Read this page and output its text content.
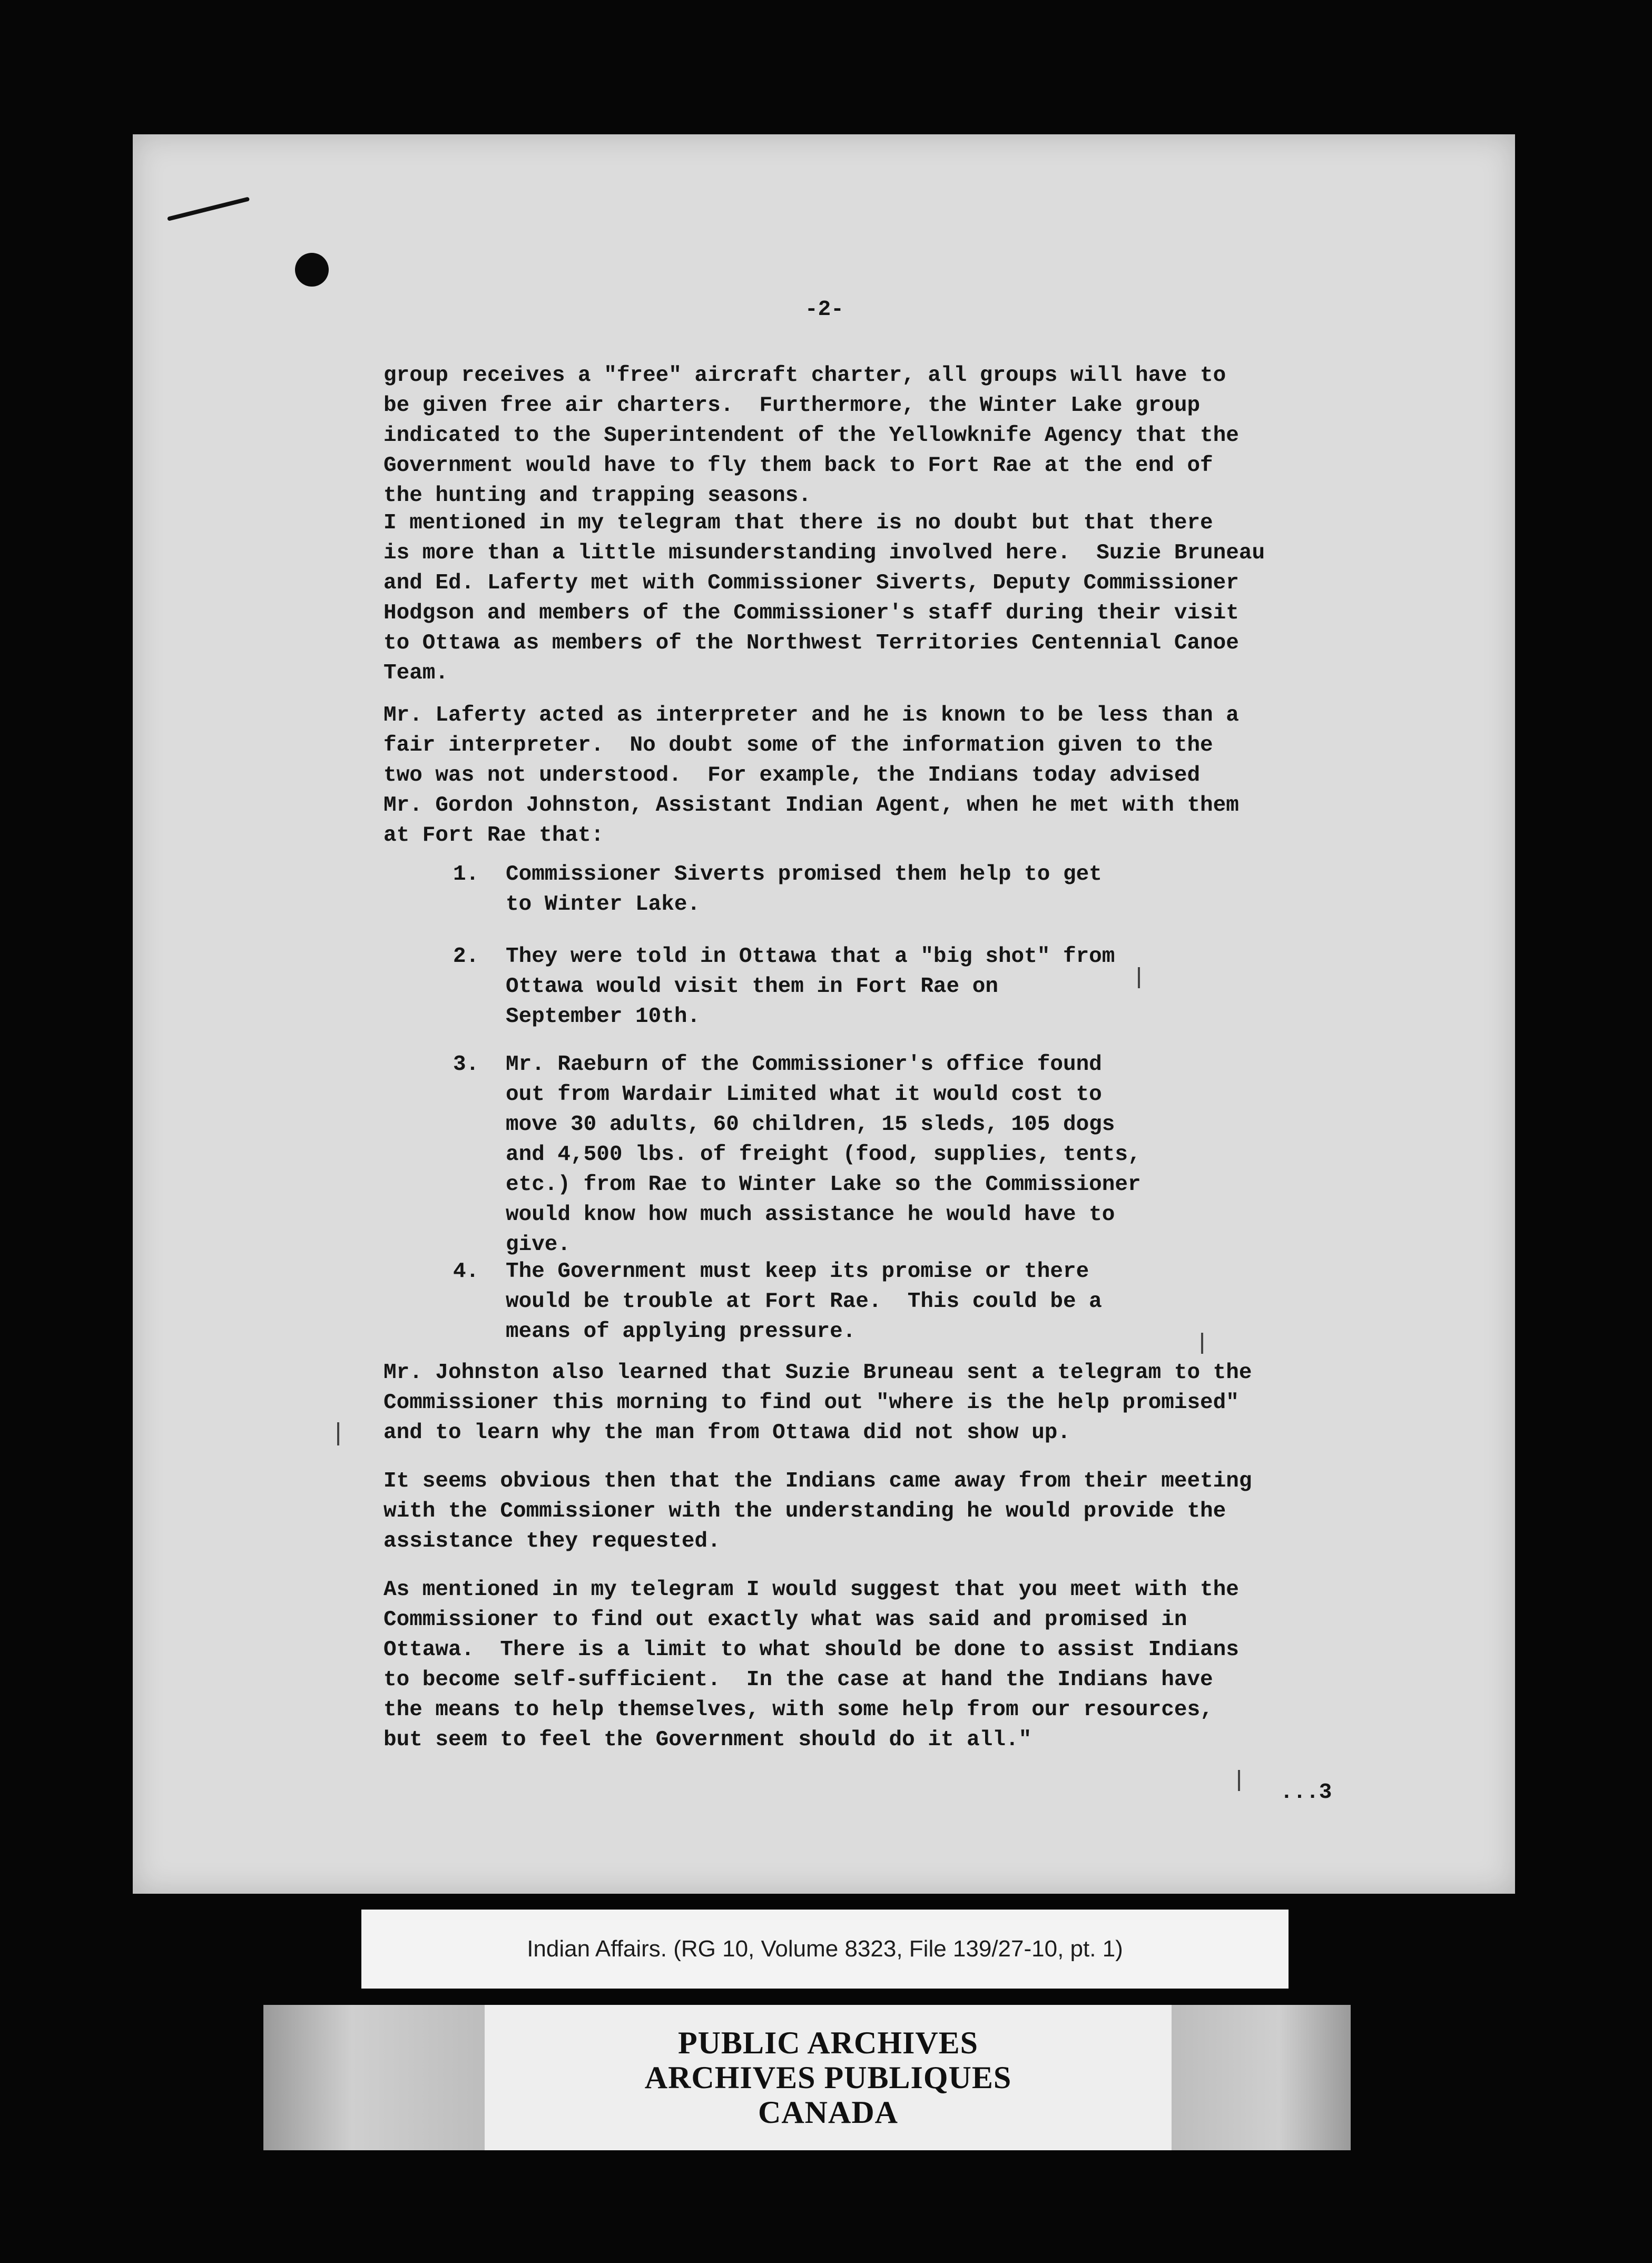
-2-
group receives a "free" aircraft charter, all groups will have to
be given free air charters.  Furthermore, the Winter Lake group
indicated to the Superintendent of the Yellowknife Agency that the
Government would have to fly them back to Fort Rae at the end of
the hunting and trapping seasons.
I mentioned in my telegram that there is no doubt but that there
is more than a little misunderstanding involved here.  Suzie Bruneau
and Ed. Laferty met with Commissioner Siverts, Deputy Commissioner
Hodgson and members of the Commissioner's staff during their visit
to Ottawa as members of the Northwest Territories Centennial Canoe
Team.
Mr. Laferty acted as interpreter and he is known to be less than a
fair interpreter.  No doubt some of the information given to the
two was not understood.  For example, the Indians today advised
Mr. Gordon Johnston, Assistant Indian Agent, when he met with them
at Fort Rae that:
1. Commissioner Siverts promised them help to get
to Winter Lake.
2. They were told in Ottawa that a "big shot" from
Ottawa would visit them in Fort Rae on
September 10th.
3. Mr. Raeburn of the Commissioner's office found
out from Wardair Limited what it would cost to
move 30 adults, 60 children, 15 sleds, 105 dogs
and 4,500 lbs. of freight (food, supplies, tents,
etc.) from Rae to Winter Lake so the Commissioner
would know how much assistance he would have to
give.
4. The Government must keep its promise or there
would be trouble at Fort Rae.  This could be a
means of applying pressure.
Mr. Johnston also learned that Suzie Bruneau sent a telegram to the
Commissioner this morning to find out "where is the help promised"
and to learn why the man from Ottawa did not show up.
It seems obvious then that the Indians came away from their meeting
with the Commissioner with the understanding he would provide the
assistance they requested.
As mentioned in my telegram I would suggest that you meet with the
Commissioner to find out exactly what was said and promised in
Ottawa.  There is a limit to what should be done to assist Indians
to become self-sufficient.  In the case at hand the Indians have
the means to help themselves, with some help from our resources,
but seem to feel the Government should do it all."
...3
Indian Affairs. (RG 10, Volume 8323, File 139/27-10, pt. 1)
PUBLIC ARCHIVES
ARCHIVES PUBLIQUES
CANADA
